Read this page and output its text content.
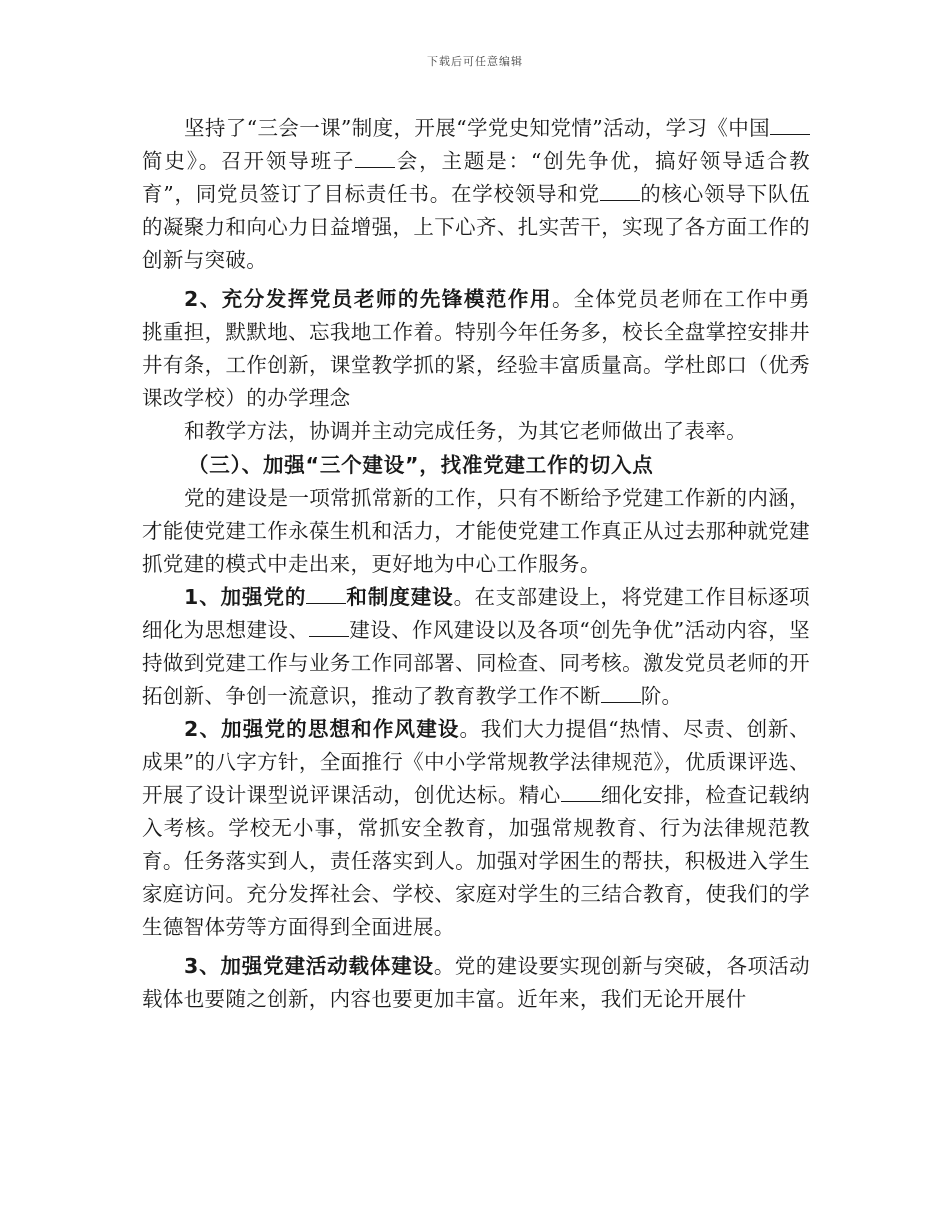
下载后可任意编辑

坚持了“三会一课”制度，开展“学党史知党情”活动，学习《中国简史》。召开领导班子 会，主题是：“创先争优，搞好领导适合教育”，同党员签订了目标责任书。在学校领导和党 的核心领导下队伍的凝聚力和向心力日益增强，上下心齐、扎实苦干，实现了各方面工作的创新与突破。

2、充分发挥党员老师的先锋模范作用。全体党员老师在工作中勇挑重担，默默地、忘我地工作着。特别今年任务多，校长全盘掌控安排井井有条，工作创新，课堂教学抓的紧，经验丰富质量高。学杜郎口（优秀课改学校）的办学理念

和教学方法，协调并主动完成任务，为其它老师做出了表率。

（三）、加强“三个建设”，找准党建工作的切入点

党的建设是一项常抓常新的工作，只有不断给予党建工作新的内涵，才能使党建工作永葆生机和活力，才能使党建工作真正从过去那种就党建抓党建的模式中走出来，更好地为中心工作服务。

1、加强党的 和制度建设。在支部建设上，将党建工作目标逐项细化为思想建设、 建设、作风建设以及各项“创先争优”活动内容，坚持做到党建工作与业务工作同部署、同检查、同考核。激发党员老师的开拓创新、争创一流意识，推动了教育教学工作不断 阶。

2、加强党的思想和作风建设。我们大力提倡“热情、尽责、创新、成果”的八字方针，全面推行《中小学常规教学法律规范》，优质课评选、开展了设计课型说评课活动，创优达标。精心 细化安排，检查记载纳入考核。学校无小事，常抓安全教育，加强常规教育、行为法律规范教育。任务落实到人，责任落实到人。加强对学困生的帮扶，积极进入学生家庭访问。充分发挥社会、学校、家庭对学生的三结合教育，使我们的学生德智体劳等方面得到全面进展。

3、加强党建活动载体建设。党的建设要实现创新与突破，各项活动载体也要随之创新，内容也要更加丰富。近年来，我们无论开展什
